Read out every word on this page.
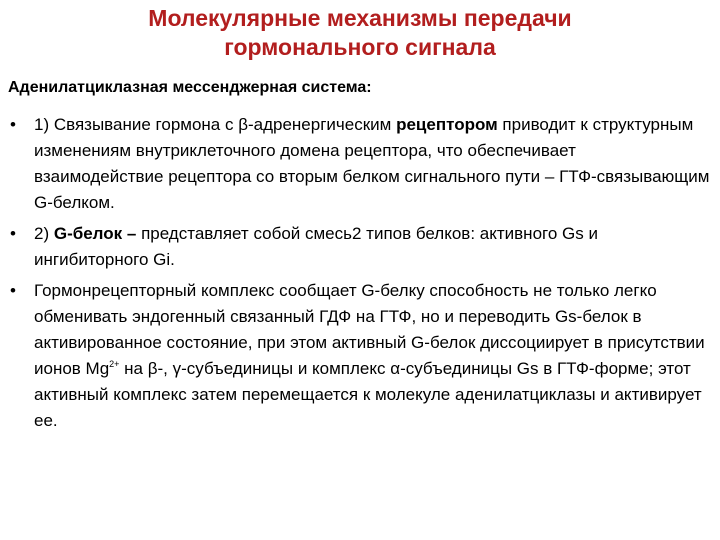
Молекулярные механизмы передачи
гормонального сигнала
Аденилатциклазная мессенджерная система:
• 1) Связывание гормона с β-адренергическим рецептором приводит к структурным изменениям внутриклеточного домена рецептора, что обеспечивает взаимодействие рецептора со вторым белком сигнального пути – ГТФ-связывающим G-белком.
• 2) G-белок – представляет собой смесь2 типов белков: активного Gs и ингибиторного Gi.
• Гормонрецепторный комплекс сообщает G-белку способность не только легко обменивать эндогенный связанный ГДФ на ГТФ, но и переводить Gs-белок в активированное состояние, при этом активный G-белок диссоциирует в присутствии ионов $Mg^{2+}$ на β-, γ-субъединицы и комплекс α-субъединицы Gs в ГТФ-форме; этот активный комплекс затем перемещается к молекуле аденилатциклазы и активирует ее.
